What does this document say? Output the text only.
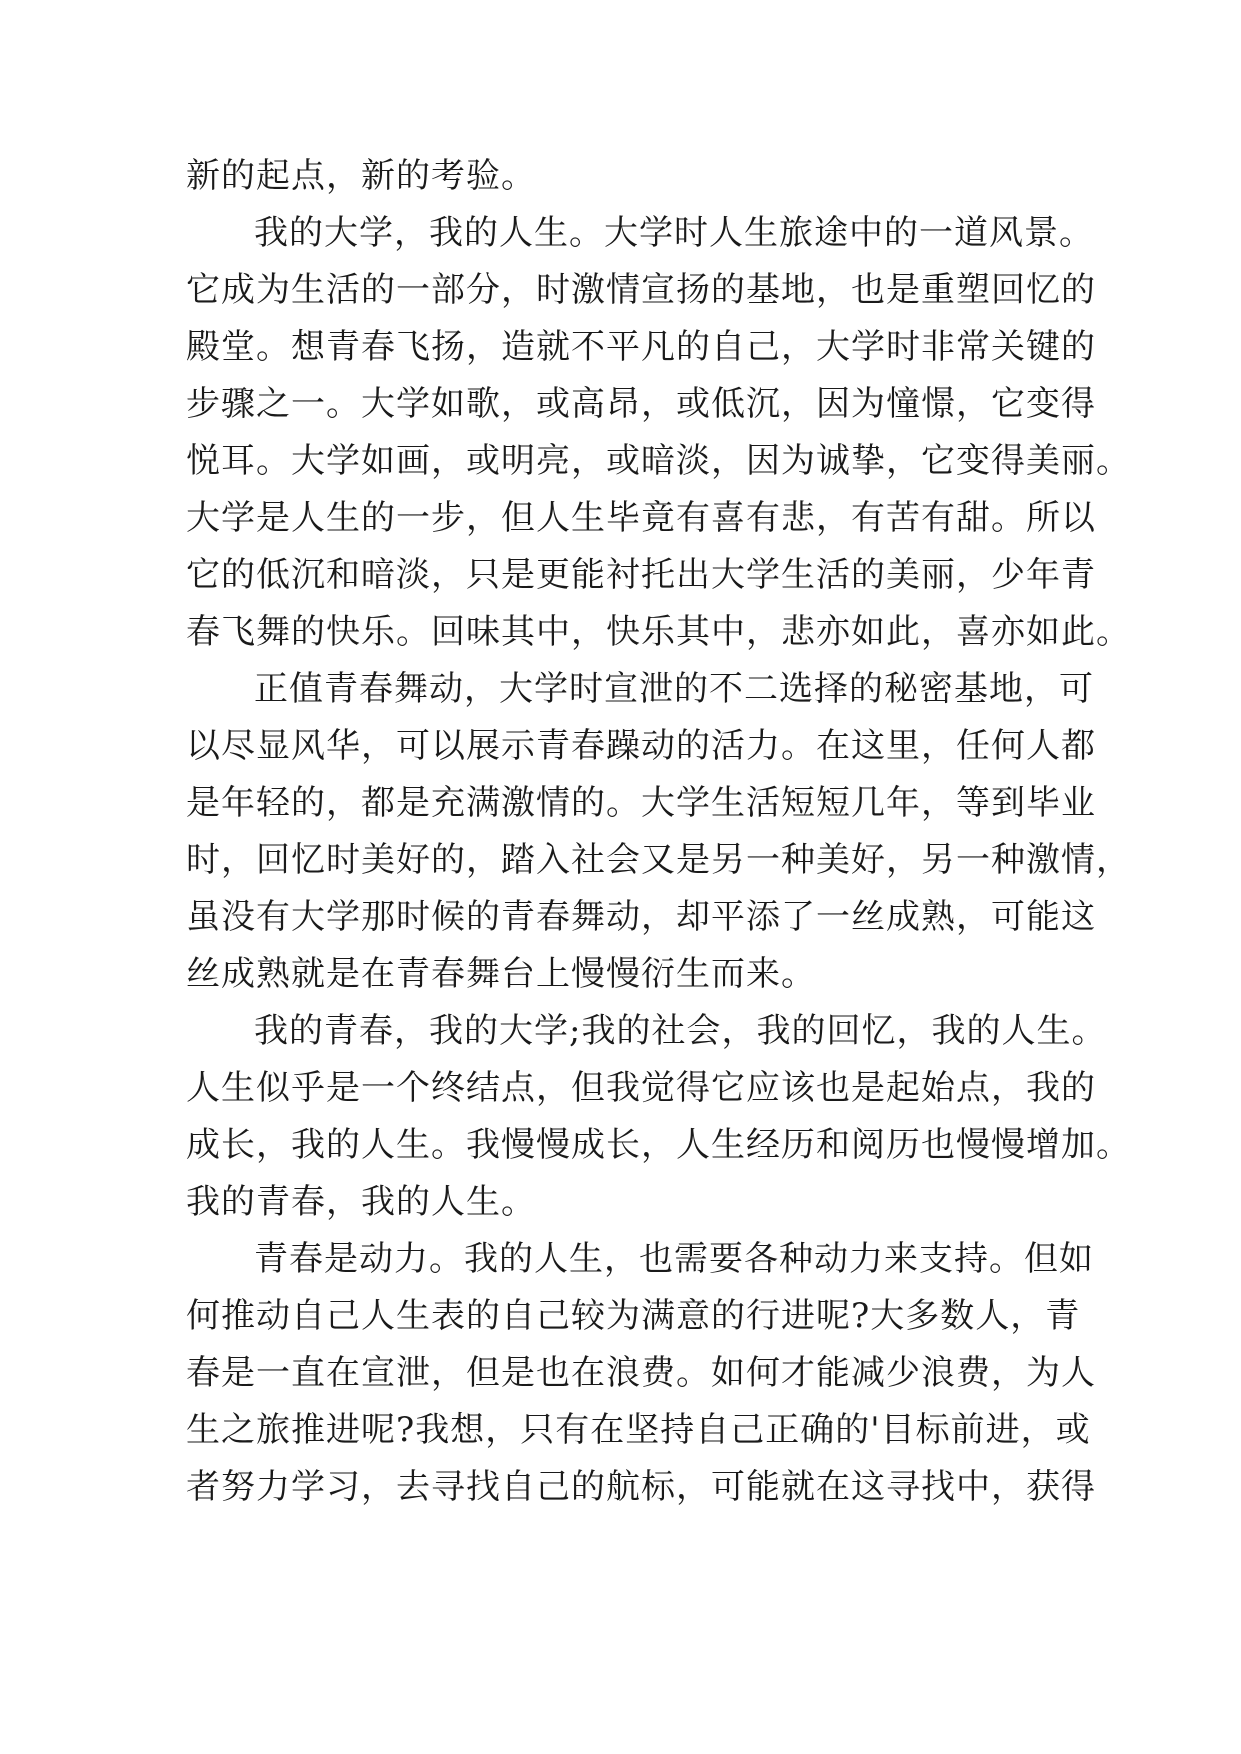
新的起点，新的考验。
我的大学，我的人生。大学时人生旅途中的一道风景。
它成为生活的一部分，时激情宣扬的基地，也是重塑回忆的
殿堂。想青春飞扬，造就不平凡的自己，大学时非常关键的
步骤之一。大学如歌，或高昂，或低沉，因为憧憬，它变得
悦耳。大学如画，或明亮，或暗淡，因为诚挚，它变得美丽。
大学是人生的一步，但人生毕竟有喜有悲，有苦有甜。所以
它的低沉和暗淡，只是更能衬托出大学生活的美丽，少年青
春飞舞的快乐。回味其中，快乐其中，悲亦如此，喜亦如此。
正值青春舞动，大学时宣泄的不二选择的秘密基地，可
以尽显风华，可以展示青春躁动的活力。在这里，任何人都
是年轻的，都是充满激情的。大学生活短短几年，等到毕业
时，回忆时美好的，踏入社会又是另一种美好，另一种激情，
虽没有大学那时候的青春舞动，却平添了一丝成熟，可能这
丝成熟就是在青春舞台上慢慢衍生而来。
我的青春，我的大学;我的社会，我的回忆，我的人生。
人生似乎是一个终结点，但我觉得它应该也是起始点，我的
成长，我的人生。我慢慢成长，人生经历和阅历也慢慢增加。
我的青春，我的人生。
青春是动力。我的人生，也需要各种动力来支持。但如
何推动自己人生表的自己较为满意的行进呢?大多数人，青
春是一直在宣泄，但是也在浪费。如何才能减少浪费，为人
生之旅推进呢?我想，只有在坚持自己正确的'目标前进，或
者努力学习，去寻找自己的航标，可能就在这寻找中，获得
